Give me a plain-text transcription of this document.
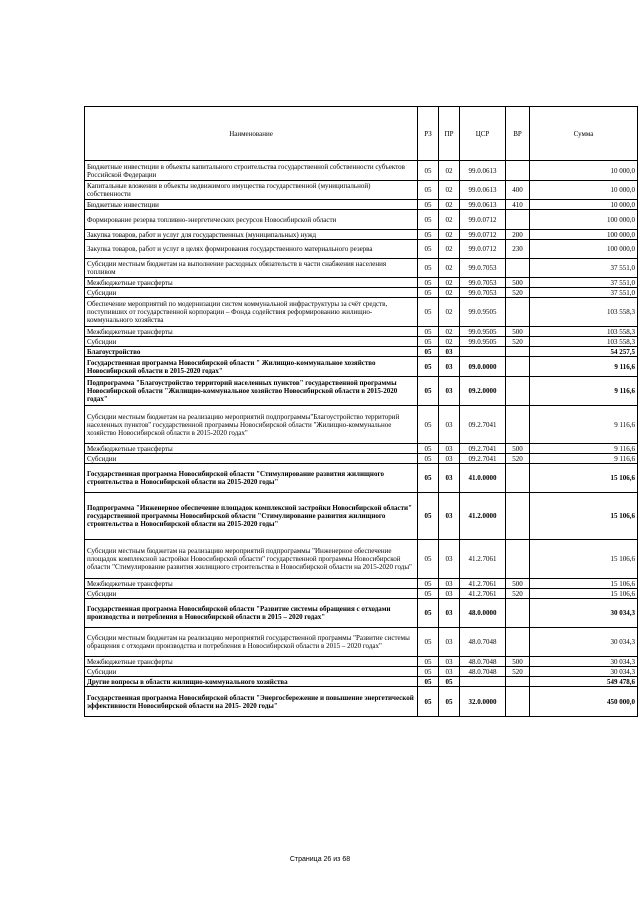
Наименование	РЗ	ПР	ЦСР	ВР	Сумма
Бюджетные инвестиции в объекты капитального строительства государственной собственности субъектов Российской Федерации	05	02	99.0.0613		10 000,0
Капитальные вложения в объекты недвижимого имущества государственной (муниципальной) собственности	05	02	99.0.0613	400	10 000,0
Бюджетные инвестиции	05	02	99.0.0613	410	10 000,0
Формирование резерва топливно-энергетических ресурсов Новосибирской области	05	02	99.0.0712		100 000,0
Закупка товаров, работ и услуг для государственных (муниципальных) нужд	05	02	99.0.0712	200	100 000,0
Закупка товаров, работ и услуг в целях формирования государственного материального резерва	05	02	99.0.0712	230	100 000,0
Субсидии местным бюджетам на выполнение расходных обязательств в части снабжения населения топливом	05	02	99.0.7053		37 551,0
Межбюджетные трансферты	05	02	99.0.7053	500	37 551,0
Субсидии	05	02	99.0.7053	520	37 551,0
Обеспечение мероприятий по модернизации систем коммунальной инфраструктуры за счёт средств, поступивших от государственной корпорации – Фонда содействия реформированию жилищно-коммунального хозяйства	05	02	99.0.9505		103 558,3
Межбюджетные трансферты	05	02	99.0.9505	500	103 558,3
Субсидии	05	02	99.0.9505	520	103 558,3
Благоустройство	05	03			54 257,5
Государственная программа Новосибирской области " Жилищно-коммунальное хозяйство Новосибирской области в 2015-2020 годах"	05	03	09.0.0000		9 116,6
Подпрограмма "Благоустройство территорий населенных пунктов" государственной программы Новосибирской области "Жилищно-коммунальное хозяйство Новосибирской области в 2015-2020 годах"	05	03	09.2.0000		9 116,6
Субсидии местным бюджетам на реализацию мероприятий подпрограммы"Благоустройство территорий населенных пунктов" государственной программы Новосибирской области "Жилищно-коммунальное хозяйство Новосибирской области в 2015-2020 годах"	05	03	09.2.7041		9 116,6
Межбюджетные трансферты	05	03	09.2.7041	500	9 116,6
Субсидии	05	03	09.2.7041	520	9 116,6
Государственная программа Новосибирской области "Стимулирование развития жилищного строительства в Новосибирской области на 2015-2020 годы"	05	03	41.0.0000		15 106,6
Подпрограмма "Инженерное обеспечение площадок комплексной застройки Новосибирской области" государственной программы Новосибирской области "Стимулирование развития жилищного строительства в Новосибирской области на 2015-2020 годы"	05	03	41.2.0000		15 106,6
Субсидии местным бюджетам на реализацию мероприятий подпрограммы "Инженерное обеспечение площадок комплексной застройки Новосибирской области" государственной программы Новосибирской области "Стимулирование развития жилищного строительства в Новосибирской области на 2015-2020 годы"	05	03	41.2.7061		15 106,6
Межбюджетные трансферты	05	03	41.2.7061	500	15 106,6
Субсидии	05	03	41.2.7061	520	15 106,6
Государственная программа Новосибирской области "Развитие системы обращения с отходами производства и потребления в Новосибирской области в 2015 – 2020 годах"	05	03	48.0.0000		30 034,3
Субсидии местным бюджетам на реализацию мероприятий государственной программы "Развитие системы обращения с отходами производства и потребления в Новосибирской области в 2015 – 2020 годах"	05	03	48.0.7048		30 034,3
Межбюджетные трансферты	05	03	48.0.7048	500	30 034,3
Субсидии	05	03	48.0.7048	520	30 034,3
Другие вопросы в области жилищно-коммунального хозяйства	05	05			549 478,6
Государственная программа Новосибирской области "Энергосбережение и повышение энергетической эффективности Новосибирской области на 2015- 2020 годы"	05	05	32.0.0000		450 000,0
Страница 26 из 68
